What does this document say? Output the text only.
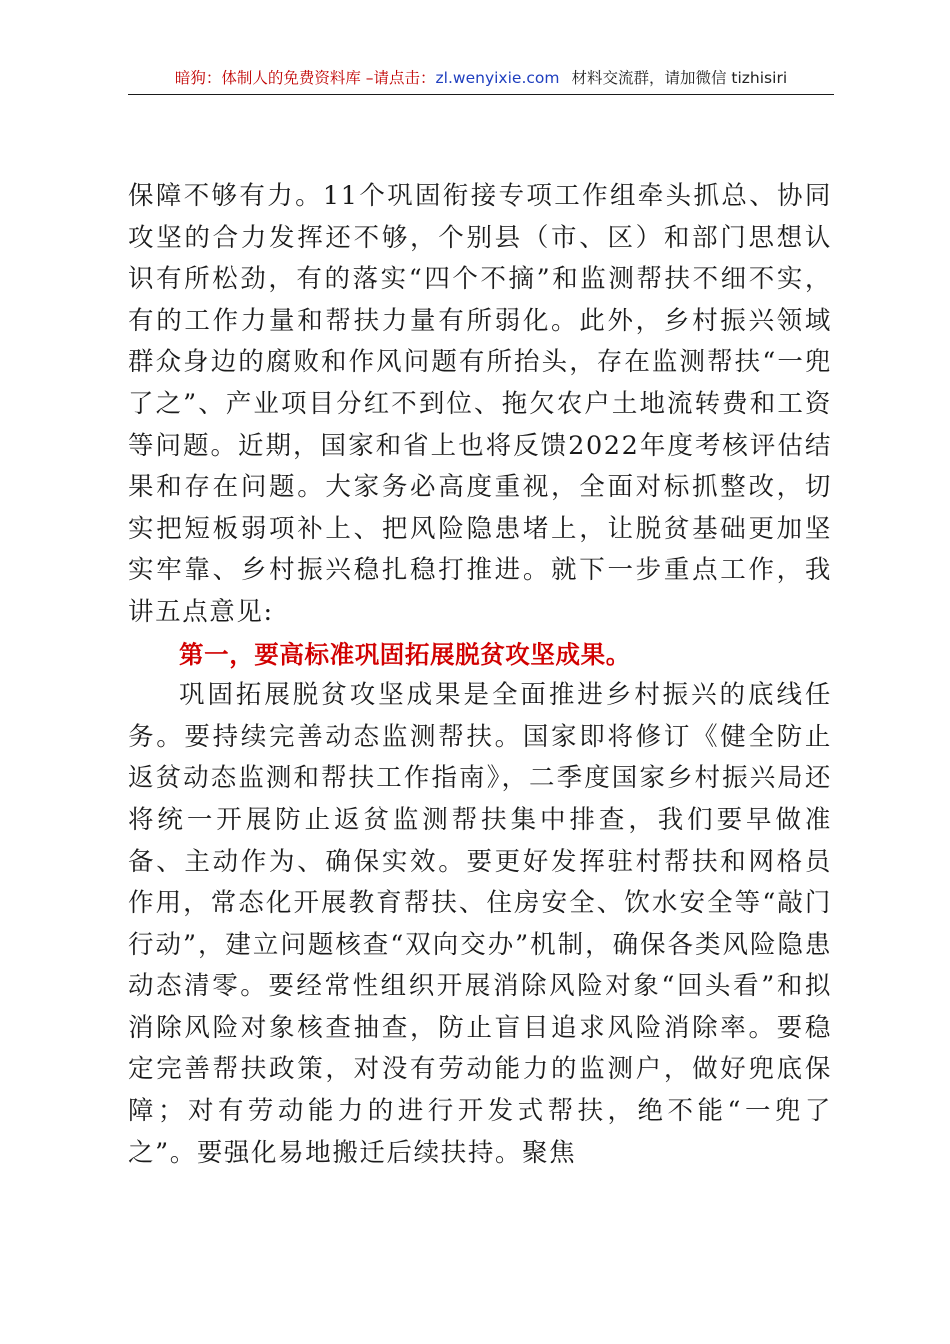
暗狗：体制人的免费资料库 –请点击：zl.wenyixie.com 材料交流群，请加微信 tizhisiri

保障不够有力。11个巩固衔接专项工作组牵头抓总、协同攻坚的合力发挥还不够，个别县（市、区）和部门思想认识有所松劲，有的落实“四个不摘”和监测帮扶不细不实，有的工作力量和帮扶力量有所弱化。此外，乡村振兴领域群众身边的腐败和作风问题有所抬头，存在监测帮扶“一兜了之”、产业项目分红不到位、拖欠农户土地流转费和工资等问题。近期，国家和省上也将反馈2022年度考核评估结果和存在问题。大家务必高度重视，全面对标抓整改，切实把短板弱项补上、把风险隐患堵上，让脱贫基础更加坚实牢靠、乡村振兴稳扎稳打推进。就下一步重点工作，我讲五点意见:

第一，要高标准巩固拓展脱贫攻坚成果。

巩固拓展脱贫攻坚成果是全面推进乡村振兴的底线任务。要持续完善动态监测帮扶。国家即将修订《健全防止返贫动态监测和帮扶工作指南》，二季度国家乡村振兴局还将统一开展防止返贫监测帮扶集中排查，我们要早做准备、主动作为、确保实效。要更好发挥驻村帮扶和网格员作用，常态化开展教育帮扶、住房安全、饮水安全等“敲门行动”，建立问题核查“双向交办”机制，确保各类风险隐患动态清零。要经常性组织开展消除风险对象“回头看”和拟消除风险对象核查抽查，防止盲目追求风险消除率。要稳定完善帮扶政策，对没有劳动能力的监测户，做好兜底保障；对有劳动能力的进行开发式帮扶，绝不能“一兜了之”。要强化易地搬迁后续扶持。聚焦
